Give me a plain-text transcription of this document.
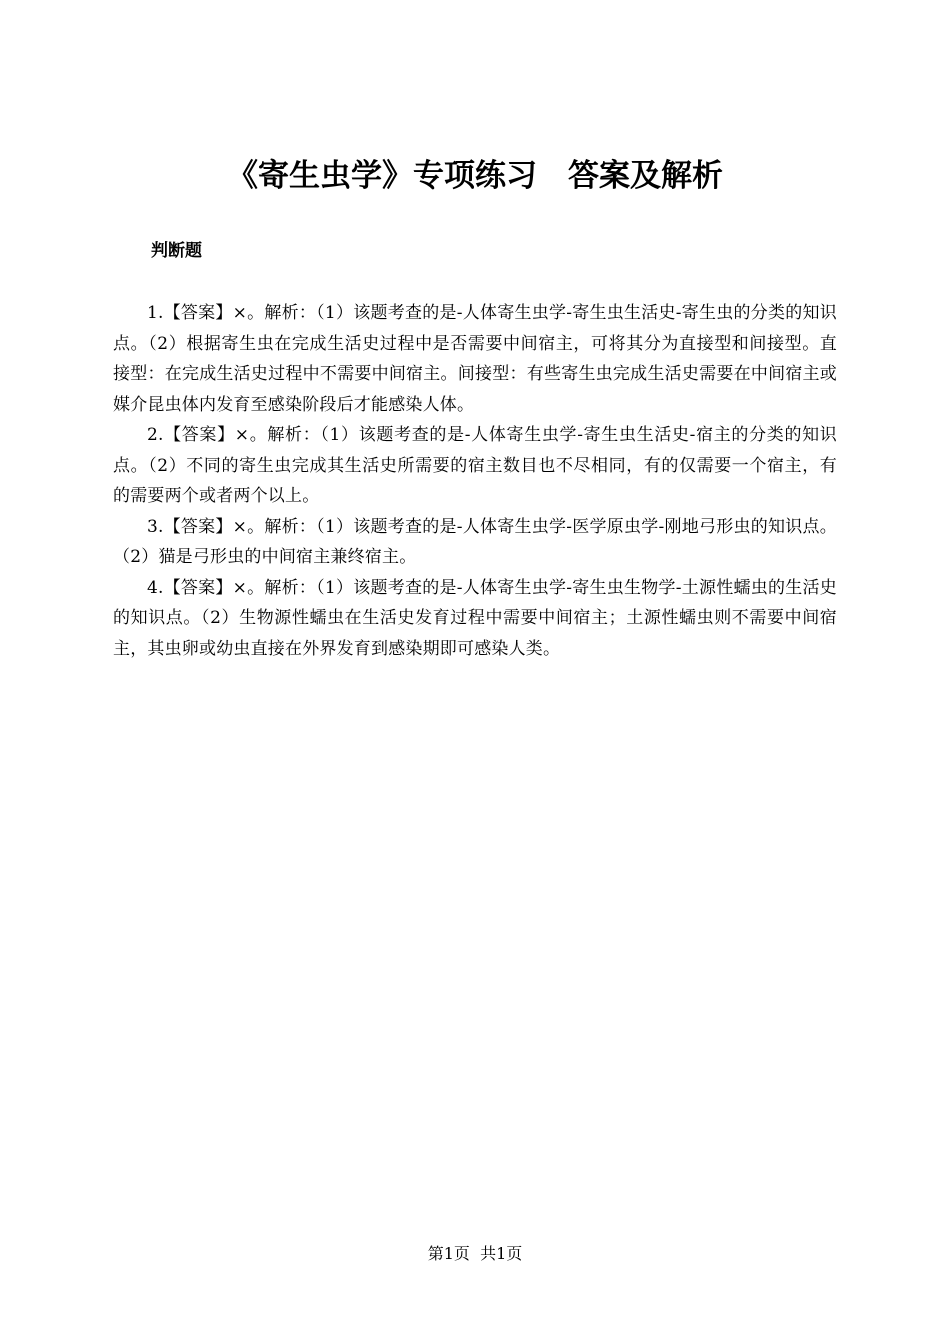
《寄生虫学》专项练习　答案及解析
判断题

1.【答案】×。解析：（1）该题考查的是-人体寄生虫学-寄生虫生活史-寄生虫的分类的知识点。（2）根据寄生虫在完成生活史过程中是否需要中间宿主，可将其分为直接型和间接型。直接型：在完成生活史过程中不需要中间宿主。间接型：有些寄生虫完成生活史需要在中间宿主或媒介昆虫体内发育至感染阶段后才能感染人体。

2.【答案】×。解析：（1）该题考查的是-人体寄生虫学-寄生虫生活史-宿主的分类的知识点。（2）不同的寄生虫完成其生活史所需要的宿主数目也不尽相同，有的仅需要一个宿主，有的需要两个或者两个以上。

3.【答案】×。解析：（1）该题考查的是-人体寄生虫学-医学原虫学-刚地弓形虫的知识点。（2）猫是弓形虫的中间宿主兼终宿主。

4.【答案】×。解析：（1）该题考查的是-人体寄生虫学-寄生虫生物学-土源性蠕虫的生活史的知识点。（2）生物源性蠕虫在生活史发育过程中需要中间宿主；土源性蠕虫则不需要中间宿主，其虫卵或幼虫直接在外界发育到感染期即可感染人类。

第1页  共1页
